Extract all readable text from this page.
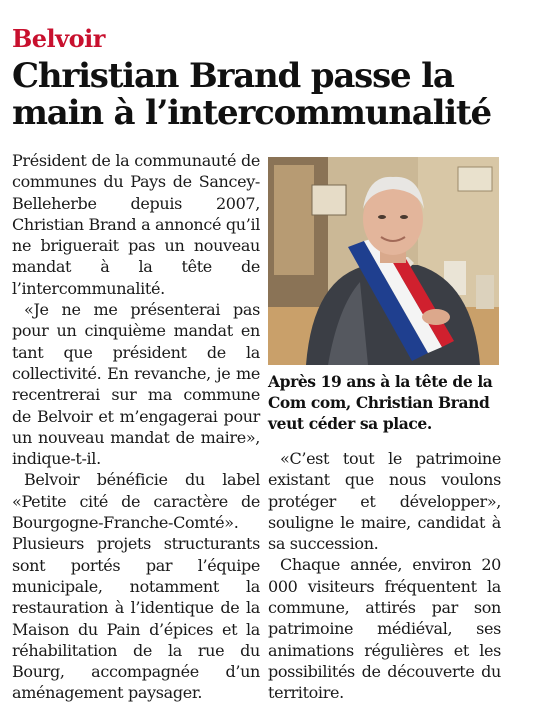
Belvoir
Christian Brand passe la main à l’intercommunalité

Président de la communauté de communes du Pays de Sancey-Belleherbe depuis 2007, Christian Brand a annoncé qu’il ne briguerait pas un nouveau mandat à la tête de l’intercommunalité.

«Je ne me présenterai pas pour un cinquième mandat en tant que président de la collectivité. En revanche, je me recentrerai sur ma commune de Belvoir et m’engagerai pour un nouveau mandat de maire», indique-t-il.

Belvoir bénéficie du label «Petite cité de caractère de Bourgogne-Franche-Comté». Plusieurs projets structurants sont portés par l’équipe municipale, notamment la restauration à l’identique de la Maison du Pain d’épices et la réhabilitation de la rue du Bourg, accompagnée d’un aménagement paysager.

Après 19 ans à la tête de la Com com, Christian Brand veut céder sa place.

«C’est tout le patrimoine existant que nous voulons protéger et développer», souligne le maire, candidat à sa succession.

Chaque année, environ 20 000 visiteurs fréquentent la commune, attirés par son patrimoine médiéval, ses animations régulières et les possibilités de découverte du territoire.
